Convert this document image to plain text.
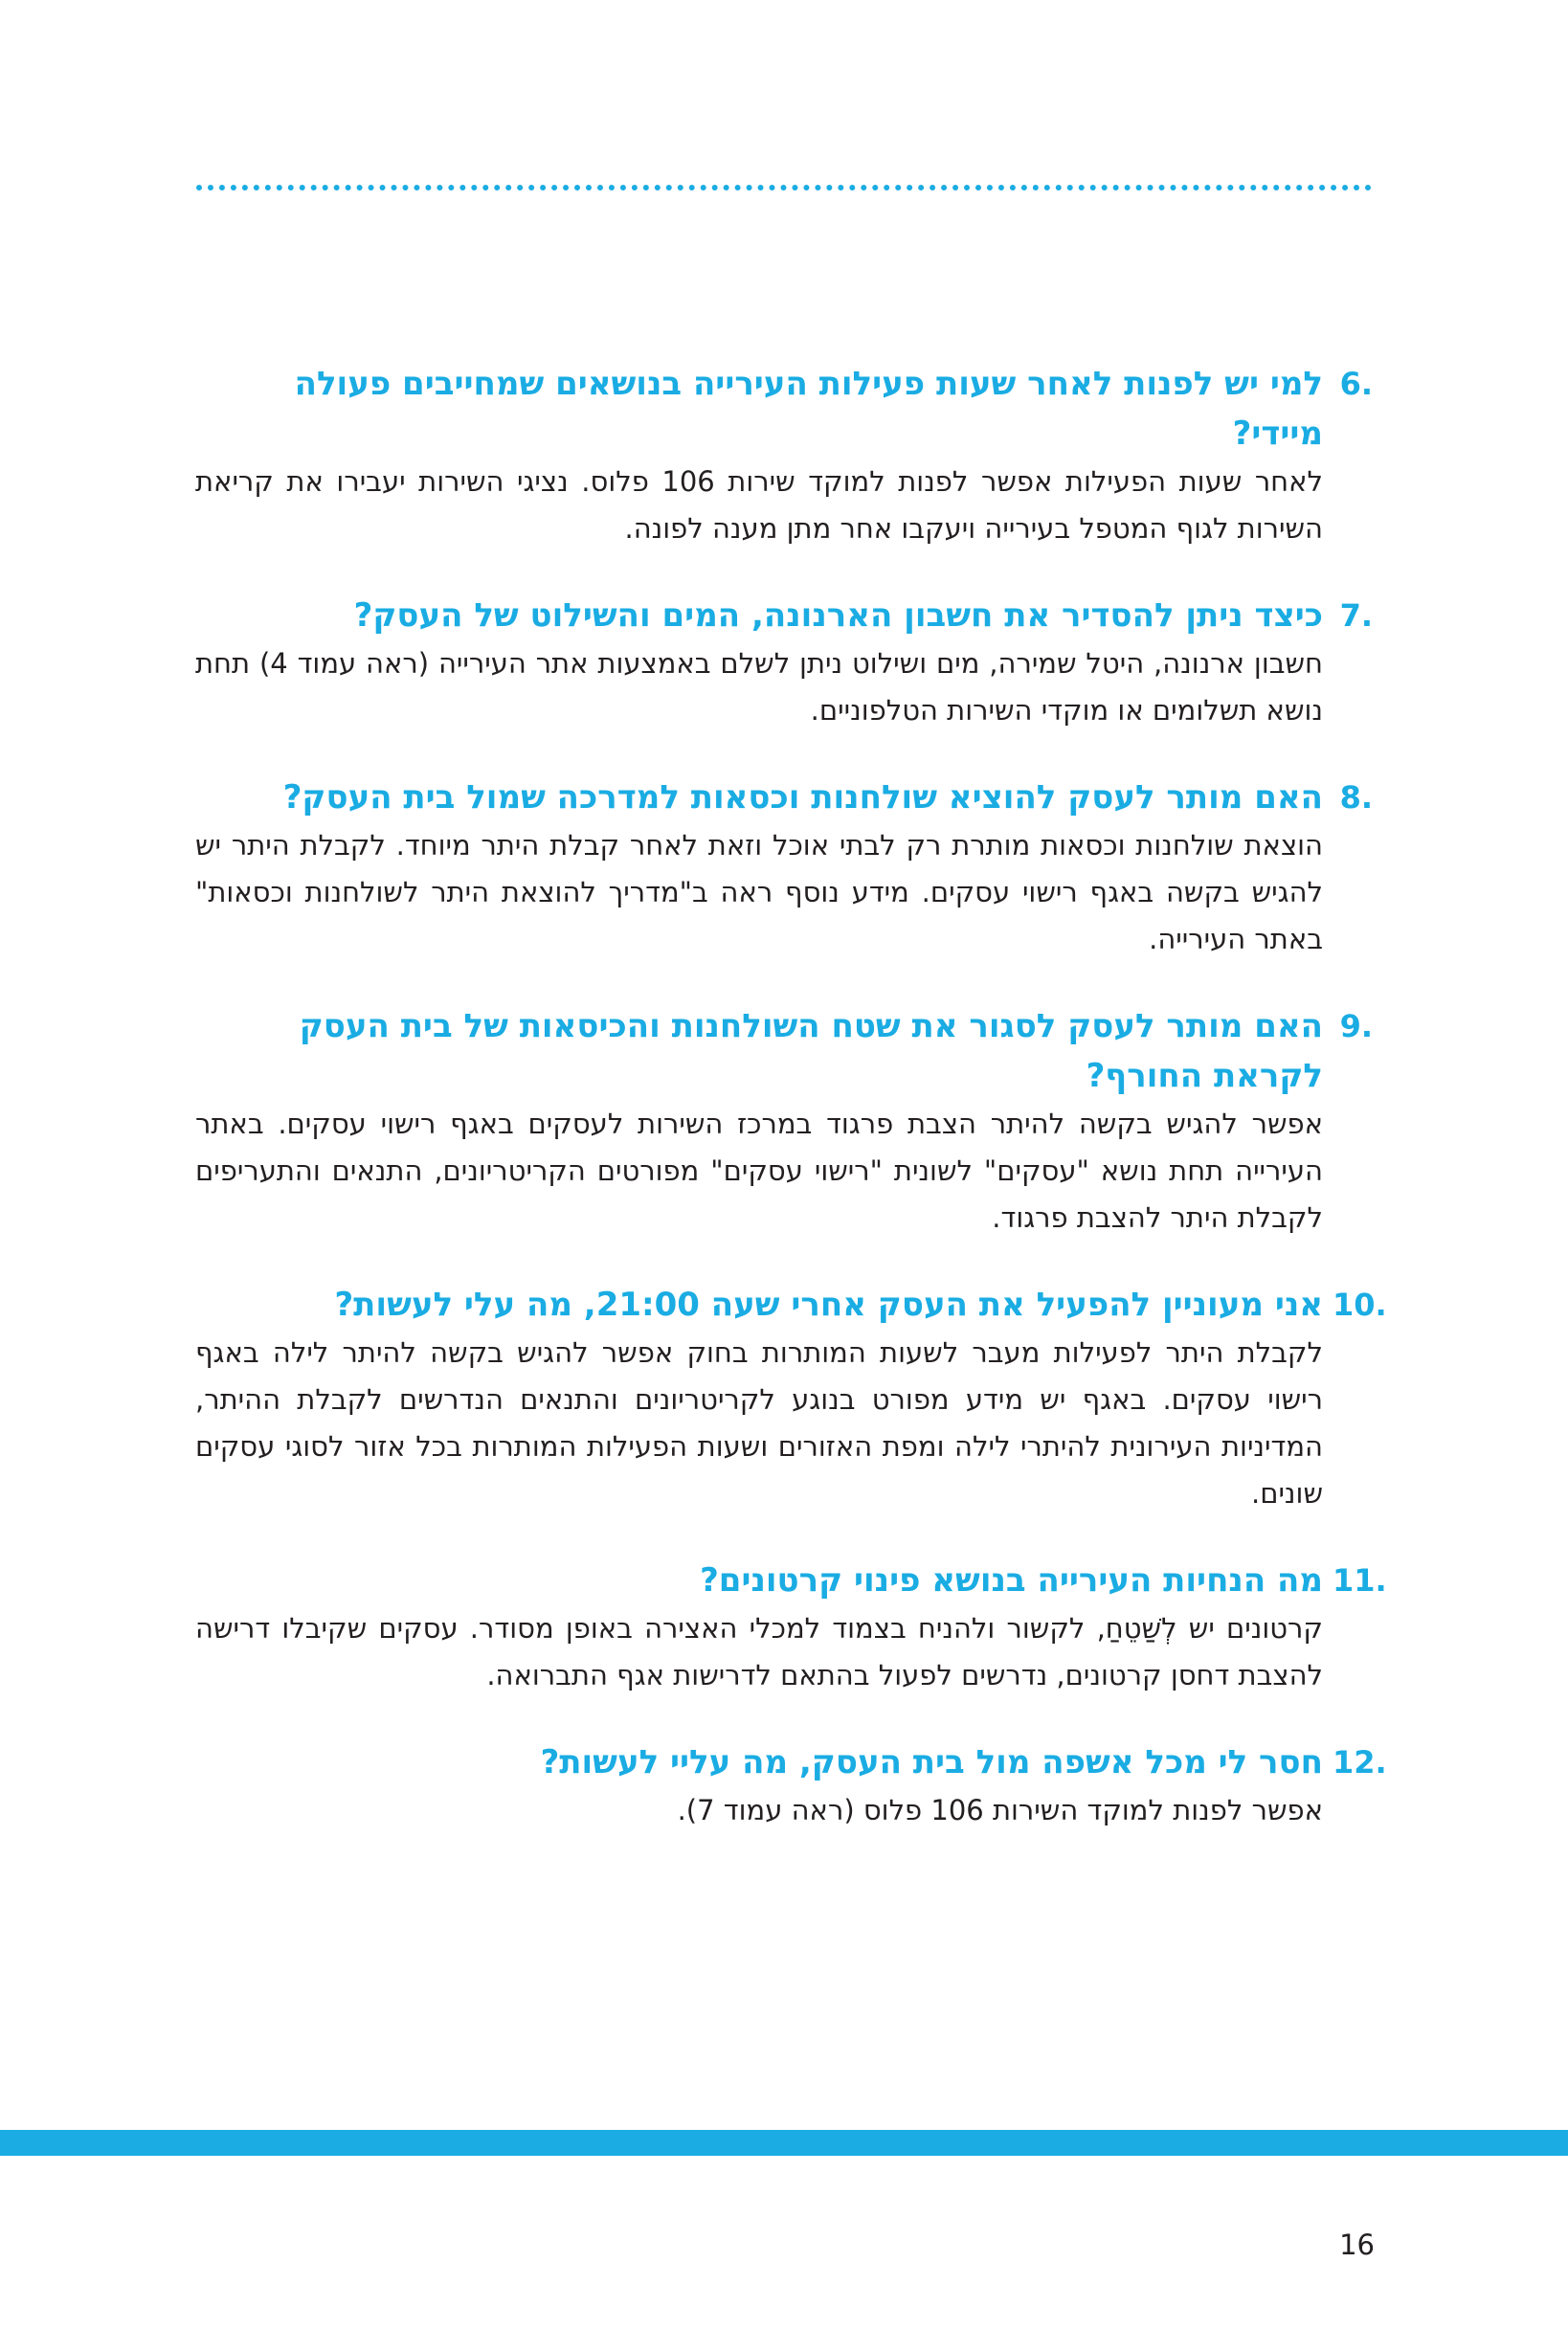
6.
למי יש לפנות לאחר שעות פעילות העירייה בנושאים שמחייבים פעולה מיידי?

לאחר שעות הפעילות אפשר לפנות למוקד שירות 106 פלוס. נציגי השירות יעבירו את קריאת השירות לגוף המטפל בעירייה ויעקבו אחר מתן מענה לפונה.

7.
כיצד ניתן להסדיר את חשבון הארנונה, המים והשילוט של העסק?

חשבון ארנונה, היטל שמירה, מים ושילוט ניתן לשלם באמצעות אתר העירייה (ראה עמוד 4) תחת נושא תשלומים או מוקדי השירות הטלפוניים.

8.
האם מותר לעסק להוציא שולחנות וכסאות למדרכה שמול בית העסק?

הוצאת שולחנות וכסאות מותרת רק לבתי אוכל וזאת לאחר קבלת היתר מיוחד. לקבלת היתר יש להגיש בקשה באגף רישוי עסקים. מידע נוסף ראה ב"מדריך להוצאת היתר לשולחנות וכסאות" באתר העירייה.

9.
האם מותר לעסק לסגור את שטח השולחנות והכיסאות של בית העסק לקראת החורף?

אפשר להגיש בקשה להיתר הצבת פרגוד במרכז השירות לעסקים באגף רישוי עסקים. באתר העירייה תחת נושא "עסקים" לשונית "רישוי עסקים" מפורטים הקריטריונים, התנאים והתעריפים לקבלת היתר להצבת פרגוד.

10.
אני מעוניין להפעיל את העסק אחרי שעה 21:00, מה עלי לעשות?

לקבלת היתר לפעילות מעבר לשעות המותרות בחוק אפשר להגיש בקשה להיתר לילה באגף רישוי עסקים. באגף יש מידע מפורט בנוגע לקריטריונים והתנאים הנדרשים לקבלת ההיתר, המדיניות העירונית להיתרי לילה ומפת האזורים ושעות הפעילות המותרות בכל אזור לסוגי עסקים שונים.

11.
מה הנחיות העירייה בנושא פינוי קרטונים?

קרטונים יש לְשַׁטֵחַ, לקשור ולהניח בצמוד למכלי האצירה באופן מסודר. עסקים שקיבלו דרישה להצבת דחסן קרטונים, נדרשים לפעול בהתאם לדרישות אגף התברואה.

12.
חסר לי מכל אשפה מול בית העסק, מה עליי לעשות?

אפשר לפנות למוקד השירות 106 פלוס (ראה עמוד 7).

16
